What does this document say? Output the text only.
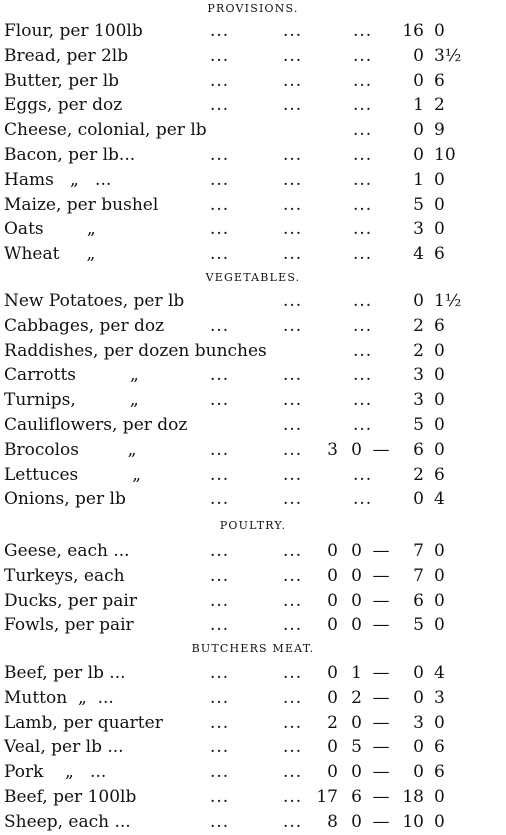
PROVISIONS.
Flour, per 100lb	...	...	...	16 0
Bread, per 2lb	...	...	...	0 3½
Butter, per lb	...	...	...	0 6
Eggs, per doz	...	...	...	1 2
Cheese, colonial, per lb	...	0 9
Bacon, per lb...	...	...	...	0 10
Hams   „   ...	...	...	...	1 0
Maize, per bushel	...	...	...	5 0
Oats        „	...	...	...	3 0
Wheat     „	...	...	...	4 6
VEGETABLES.
New Potatoes, per lb	...	...	0 1½
Cabbages, per doz	...	...	...	2 6
Raddishes, per dozen bunches	...	2 0
Carrotts          „	...	...	...	3 0
Turnips,          „	...	...	...	3 0
Cauliflowers, per doz	...	...	5 0
Brocolos         „	...	...	3 0 —	6 0
Lettuces          „	...	...	...	2 6
Onions, per lb	...	...	...	0 4
POULTRY.
Geese, each ...	...	...	0 0 —	7 0
Turkeys, each	...	...	0 0 —	7 0
Ducks, per pair	...	...	0 0 —	6 0
Fowls, per pair	...	...	0 0 —	5 0
BUTCHERS MEAT.
Beef, per lb ...	...	...	0 1 —	0 4
Mutton  „  ...	...	...	0 2 —	0 3
Lamb, per quarter	...	...	2 0 —	3 0
Veal, per lb ...	...	...	0 5 —	0 6
Pork    „   ...	...	...	0 0 —	0 6
Beef, per 100lb	...	... 17 6 — 18 0
Sheep, each ...	...	...	8 0 — 10 0
